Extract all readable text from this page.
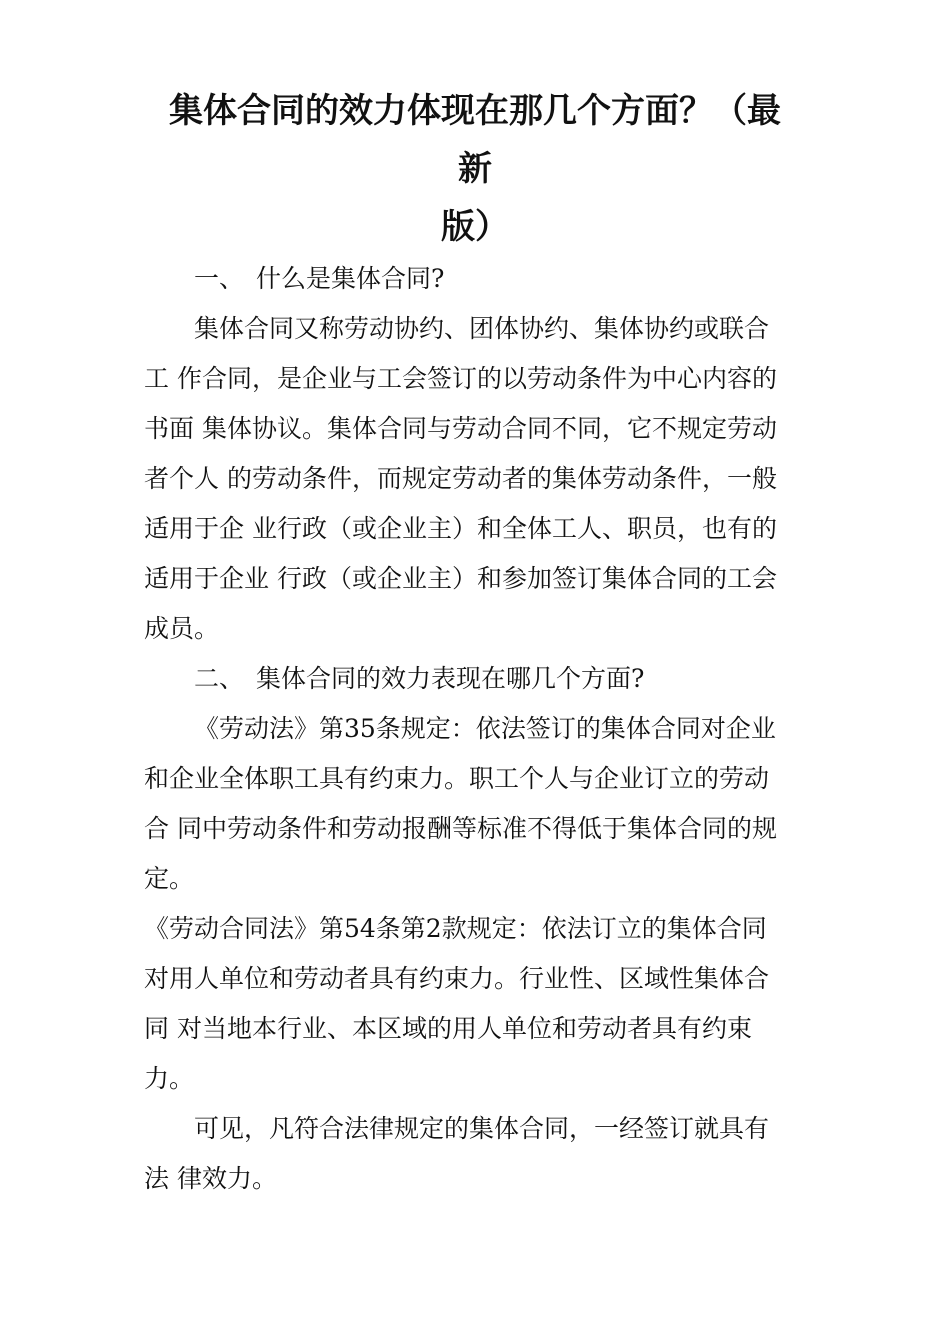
集体合同的效力体现在那几个方面？（最
新
版）

一、 什么是集体合同?

集体合同又称劳动协约、团体协约、集体协约或联合
工 作合同，是企业与工会签订的以劳动条件为中心内容的
书面 集体协议。集体合同与劳动合同不同，它不规定劳动
者个人 的劳动条件，而规定劳动者的集体劳动条件，一般
适用于企 业行政（或企业主）和全体工人、职员，也有的
适用于企业 行政（或企业主）和参加签订集体合同的工会
成员。

二、 集体合同的效力表现在哪几个方面?

《劳动法》第35条规定：依法签订的集体合同对企业
和企业全体职工具有约束力。职工个人与企业订立的劳动
合 同中劳动条件和劳动报酬等标准不得低于集体合同的规
定。

《劳动合同法》第54条第2款规定：依法订立的集体合同
对用人单位和劳动者具有约束力。行业性、区域性集体合
同 对当地本行业、本区域的用人单位和劳动者具有约束
力。

可见，凡符合法律规定的集体合同，一经签订就具有
法 律效力。
